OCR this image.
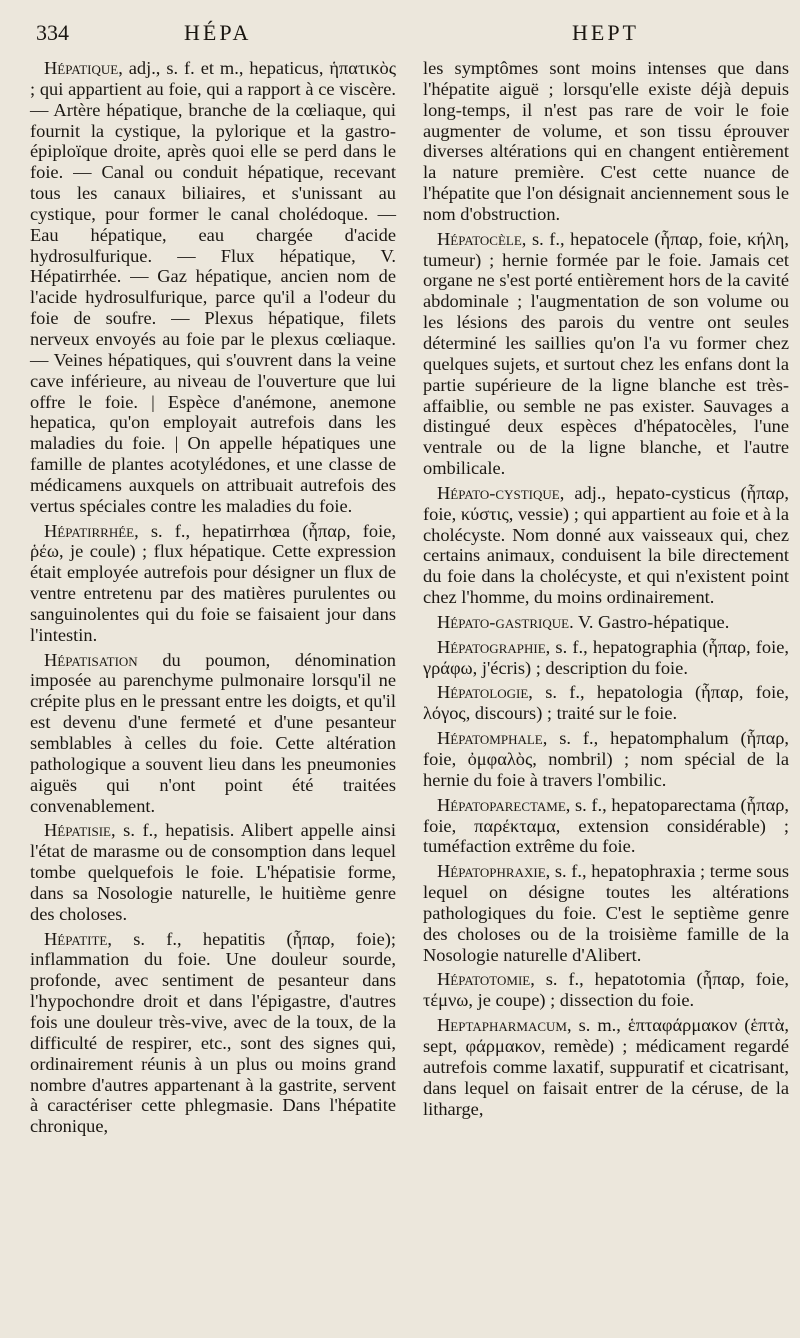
334	HÉPA	HEPT

Hépatique, adj., s. f. et m., hepaticus, ἡπατικὸς ; qui appartient au foie, qui a rapport à ce viscère. — Artère hépatique, branche de la cœliaque, qui fournit la cystique, la pylorique et la gastro-épiploïque droite, après quoi elle se perd dans le foie. — Canal ou conduit hépatique, recevant tous les canaux biliaires, et s'unissant au cystique, pour former le canal cholédoque. — Eau hépatique, eau chargée d'acide hydrosulfurique. — Flux hépatique, V. Hépatirrhée. — Gaz hépatique, ancien nom de l'acide hydrosulfurique, parce qu'il a l'odeur du foie de soufre. — Plexus hépatique, filets nerveux envoyés au foie par le plexus cœliaque. — Veines hépatiques, qui s'ouvrent dans la veine cave inférieure, au niveau de l'ouverture que lui offre le foie. | Espèce d'anémone, anemone hepatica, qu'on employait autrefois dans les maladies du foie. | On appelle hépatiques une famille de plantes acotylédones, et une classe de médicamens auxquels on attribuait autrefois des vertus spéciales contre les maladies du foie.

Hépatirrhée, s. f., hepatirrhœa (ἧπαρ, foie, ῥέω, je coule) ; flux hépatique. Cette expression était employée autrefois pour désigner un flux de ventre entretenu par des matières purulentes ou sanguinolentes qui du foie se faisaient jour dans l'intestin.

Hépatisation du poumon, dénomination imposée au parenchyme pulmonaire lorsqu'il ne crépite plus en le pressant entre les doigts, et qu'il est devenu d'une fermeté et d'une pesanteur semblables à celles du foie. Cette altération pathologique a souvent lieu dans les pneumonies aiguës qui n'ont point été traitées convenablement.

Hépatisie, s. f., hepatisis. Alibert appelle ainsi l'état de marasme ou de consomption dans lequel tombe quelquefois le foie. L'hépatisie forme, dans sa Nosologie naturelle, le huitième genre des choloses.

Hépatite, s. f., hepatitis (ἧπαρ, foie); inflammation du foie. Une douleur sourde, profonde, avec sentiment de pesanteur dans l'hypochondre droit et dans l'épigastre, d'autres fois une douleur très-vive, avec de la toux, de la difficulté de respirer, etc., sont des signes qui, ordinairement réunis à un plus ou moins grand nombre d'autres appartenant à la gastrite, servent à caractériser cette phlegmasie. Dans l'hépatite chronique,

les symptômes sont moins intenses que dans l'hépatite aiguë ; lorsqu'elle existe déjà depuis long-temps, il n'est pas rare de voir le foie augmenter de volume, et son tissu éprouver diverses altérations qui en changent entièrement la nature première. C'est cette nuance de l'hépatite que l'on désignait anciennement sous le nom d'obstruction.

Hépatocèle, s. f., hepatocele (ἧπαρ, foie, κήλη, tumeur) ; hernie formée par le foie. Jamais cet organe ne s'est porté entièrement hors de la cavité abdominale ; l'augmentation de son volume ou les lésions des parois du ventre ont seules déterminé les saillies qu'on l'a vu former chez quelques sujets, et surtout chez les enfans dont la partie supérieure de la ligne blanche est très-affaiblie, ou semble ne pas exister. Sauvages a distingué deux espèces d'hépatocèles, l'une ventrale ou de la ligne blanche, et l'autre ombilicale.

Hépato-cystique, adj., hepato-cysticus (ἧπαρ, foie, κύστις, vessie) ; qui appartient au foie et à la cholécyste. Nom donné aux vaisseaux qui, chez certains animaux, conduisent la bile directement du foie dans la cholécyste, et qui n'existent point chez l'homme, du moins ordinairement.

Hépato-gastrique. V. Gastro-hépatique.

Hépatographie, s. f., hepatographia (ἧπαρ, foie, γράφω, j'écris) ; description du foie.

Hépatologie, s. f., hepatologia (ἧπαρ, foie, λόγος, discours) ; traité sur le foie.

Hépatomphale, s. f., hepatomphalum (ἧπαρ, foie, ὀμφαλὸς, nombril) ; nom spécial de la hernie du foie à travers l'ombilic.

Hépatoparectame, s. f., hepatoparectama (ἧπαρ, foie, παρέκταμα, extension considérable) ; tuméfaction extrême du foie.

Hépatophraxie, s. f., hepatophraxia ; terme sous lequel on désigne toutes les altérations pathologiques du foie. C'est le septième genre des choloses ou de la troisième famille de la Nosologie naturelle d'Alibert.

Hépatotomie, s. f., hepatotomia (ἧπαρ, foie, τέμνω, je coupe) ; dissection du foie.

Heptapharmacum, s. m., ἑπταφάρμακον (ἑπτὰ, sept, φάρμακον, remède) ; médicament regardé autrefois comme laxatif, suppuratif et cicatrisant, dans lequel on faisait entrer de la céruse, de la litharge,
